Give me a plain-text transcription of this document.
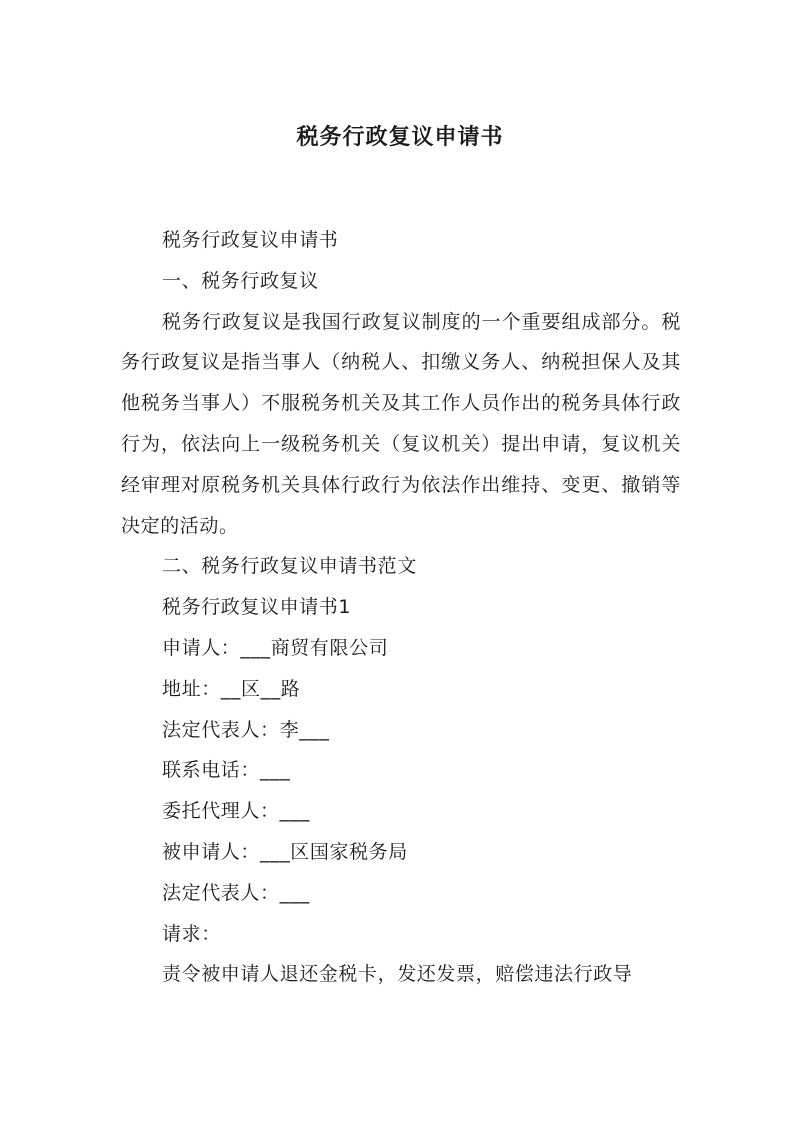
税务行政复议申请书

税务行政复议申请书

一、税务行政复议

税务行政复议是我国行政复议制度的一个重要组成部分。税务行政复议是指当事人（纳税人、扣缴义务人、纳税担保人及其他税务当事人）不服税务机关及其工作人员作出的税务具体行政行为，依法向上一级税务机关（复议机关）提出申请，复议机关经审理对原税务机关具体行政行为依法作出维持、变更、撤销等决定的活动。

二、税务行政复议申请书范文

税务行政复议申请书1

申请人：___商贸有限公司

地址：__区__路

法定代表人：李___

联系电话：___

委托代理人：___

被申请人：___区国家税务局

法定代表人：___

请求：

责令被申请人退还金税卡，发还发票，赔偿违法行政导
